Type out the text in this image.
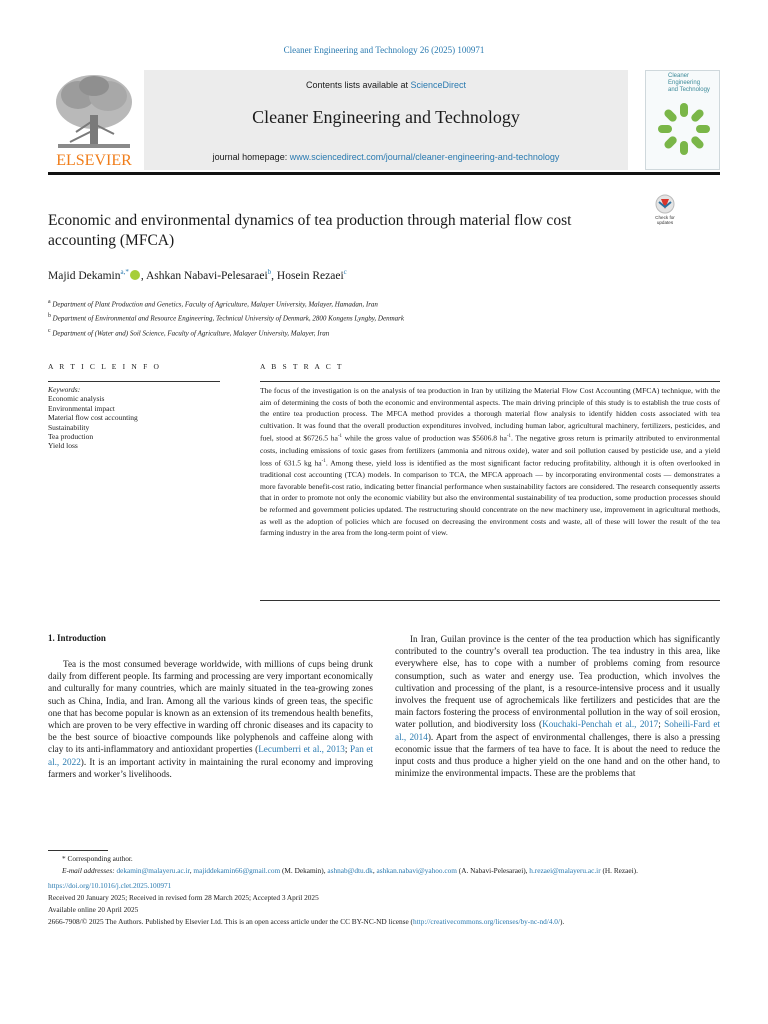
Cleaner Engineering and Technology 26 (2025) 100971
ELSEVIER
Contents lists available at ScienceDirect
Cleaner Engineering and Technology
journal homepage: www.sciencedirect.com/journal/cleaner-engineering-and-technology
Cleaner
Engineering
and Technology
Economic and environmental dynamics of tea production through material flow cost accounting (MFCA)
Check for
updates
Majid Dekamin$^{a,*}$ , Ashkan Nabavi-Pelesaraei$^b$, Hosein Rezaei$^c$
$^a$ Department of Plant Production and Genetics, Faculty of Agriculture, Malayer University, Malayer, Hamadan, Iran
$^b$ Department of Environmental and Resource Engineering, Technical University of Denmark, 2800 Kongens Lyngby, Denmark
$^c$ Department of (Water and) Soil Science, Faculty of Agriculture, Malayer University, Malayer, Iran
A R T I C L E I N F O	A B S T R A C T
Keywords:
Economic analysis
Environmental impact
Material flow cost accounting
Sustainability
Tea production
Yield loss
The focus of the investigation is on the analysis of tea production in Iran by utilizing the Material Flow Cost Accounting (MFCA) technique, with the aim of determining the costs of both the economic and environmental aspects. The main driving principle of this study is to establish the true costs of the entire tea production process. The MFCA method provides a thorough material flow analysis to identify hidden costs associated with tea cultivation. It was found that the overall production expenditures involved, including human labor, agricultural machinery, fertilizers, pesticides, and fuel, stood at $6726.5 $ha^{-1}$ while the gross value of production was $5606.8 $ha^{-1}$. The negative gross return is primarily attributed to environmental costs, including emissions of toxic gases from fertilizers (ammonia and nitrous oxide), water and soil pollution caused by pesticide use, and a yield loss of 631.5 kg $ha^{-1}$. Among these, yield loss is identified as the most significant factor reducing profitability, although it is often overlooked in traditional cost accounting (TCA) models. In comparison to TCA, the MFCA approach — by incorporating environmental costs — demonstrates a more favorable benefit-cost ratio, indicating better financial performance when sustainability factors are considered. The research consequently asserts that in order to promote not only the economic viability but also the environmental sustainability of tea production, some production processes should be reformed and government policies updated. The restructuring should concentrate on the new machinery use, improvement in agricultural methods, as well as the adoption of policies which are focused on decreasing the environment costs and waste, all of these will lower the result of the tea farming industry in the area from the long-term point of view.
1. Introduction
Tea is the most consumed beverage worldwide, with millions of cups being drunk daily from different people. Its farming and processing are very important economically and culturally for many countries, which are mainly situated in the tea-growing zones such as China, India, and Iran. Among all the various kinds of green teas, the specific one that has become popular is known as an extension of its tremendous health benefits, which are proven to be very effective in warding off chronic diseases and its capacity to be the best source of bioactive compounds like polyphenols and caffeine along with clay to its anti-inflammatory and antioxidant properties (Lecumberri et al., 2013; Pan et al., 2022). It is an important activity in maintaining the rural economy and improving farmers and worker’s livelihoods.
In Iran, Guilan province is the center of the tea production which has significantly contributed to the country’s overall tea production. The tea industry in this area, like everywhere else, has to cope with a number of problems coming from resource consumption, such as water and energy use. Tea production, which involves the cultivation and processing of the plant, is a resource-intensive process and it usually involves the frequent use of agrochemicals like fertilizers and pesticides that are the main factors fostering the process of environmental pollution in the way of soil erosion, water pollution, and biodiversity loss (Kouchaki-Penchah et al., 2017; Soheili-Fard et al., 2014). Apart from the aspect of environmental challenges, there is also a pressing economic issue that the farmers of tea have to face. It is about the need to reduce the input costs and thus produce a higher yield on the one hand and on the other hand, to minimize the environmental impacts. These are the problems that
* Corresponding author.
E-mail addresses: dekamin@malayeru.ac.ir, majiddekamin66@gmail.com (M. Dekamin), ashnab@dtu.dk, ashkan.nabavi@yahoo.com (A. Nabavi-Pelesaraei), h.rezaei@malayeru.ac.ir (H. Rezaei).
https://doi.org/10.1016/j.clet.2025.100971
Received 20 January 2025; Received in revised form 28 March 2025; Accepted 3 April 2025
Available online 20 April 2025
2666-7908/© 2025 The Authors. Published by Elsevier Ltd. This is an open access article under the CC BY-NC-ND license (http://creativecommons.org/licenses/by-nc-nd/4.0/).
